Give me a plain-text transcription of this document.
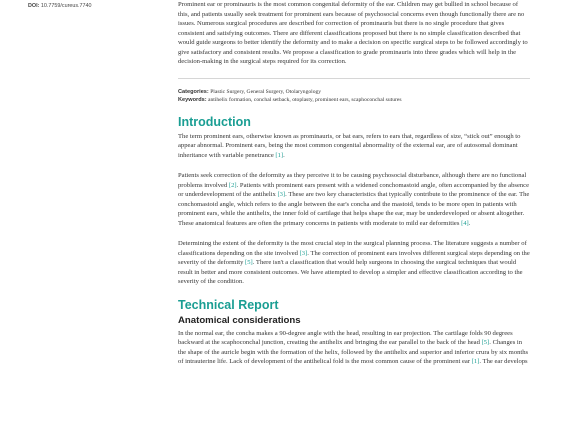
DOI: 10.7759/cureus.7740	Prominent ear or prominauris is the most common congenital deformity of the ear. Children may get bullied in school because of this, and patients usually seek treatment for prominent ears because of psychosocial concerns even though functionally there are no issues. Numerous surgical procedures are described for correction of prominauris but there is no single procedure that gives consistent and satisfying outcomes. There are different classifications proposed but there is no simple classification described that would guide surgeons to better identify the deformity and to make a decision on specific surgical steps to be followed accordingly to give satisfactory and consistent results. We propose a classification to grade prominauris into three grades which will help in the decision-making in the surgical steps required for its correction.

Categories: Plastic Surgery, General Surgery, Otolaryngology
Keywords: antihelix formation, conchal setback, otoplasty, prominent ears, scaphoconchal sutures
Introduction

The term prominent ears, otherwise known as prominauris, or bat ears, refers to ears that, regardless of size, “stick out” enough to appear abnormal. Prominent ears, being the most common congenital abnormality of the external ear, are of autosomal dominant inheritance with variable penetrance [1].

Patients seek correction of the deformity as they perceive it to be causing psychosocial disturbance, although there are no functional problems involved [2]. Patients with prominent ears present with a widened conchomastoid angle, often accompanied by the absence or underdevelopment of the antihelix [3]. These are two key characteristics that typically contribute to the prominence of the ear. The conchomastoid angle, which refers to the angle between the ear's concha and the mastoid, tends to be more open in patients with prominent ears, while the antihelix, the inner fold of cartilage that helps shape the ear, may be underdeveloped or absent altogether. These anatomical features are often the primary concerns in patients with moderate to mild ear deformities [4].

Determining the extent of the deformity is the most crucial step in the surgical planning process. The literature suggests a number of classifications depending on the site involved [3]. The correction of prominent ears involves different surgical steps depending on the severity of the deformity [5]. There isn't a classification that would help surgeons in choosing the surgical techniques that would result in better and more consistent outcomes. We have attempted to develop a simpler and effective classification according to the severity of the condition.

Technical Report
Anatomical considerations

In the normal ear, the concha makes a 90-degree angle with the head, resulting in ear projection. The cartilage folds 90 degrees backward at the scaphoconchal junction, creating the antihelix and bringing the ear parallel to the back of the head [5]. Changes in the shape of the auricle begin with the formation of the helix, followed by the antihelix and superior and inferior crura by six months of intrauterine life. Lack of development of the antihelical fold is the most common cause of the prominent ear [1]. The ear develops
